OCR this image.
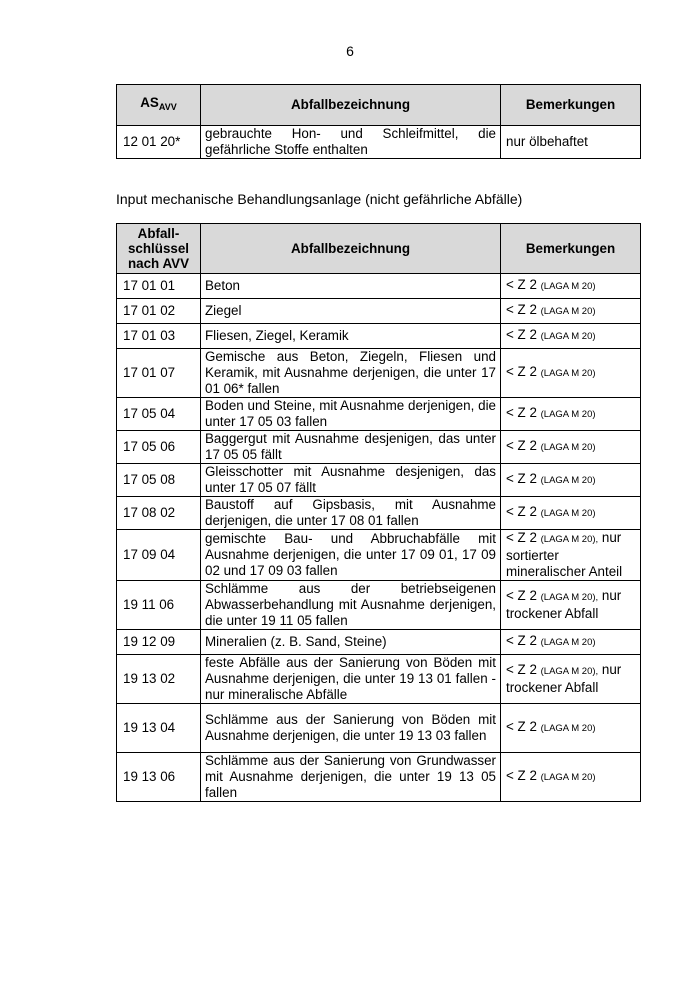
6
$AS_{AVV}$	Abfallbezeichnung	Bemerkungen
12 01 20*	gebrauchte Hon- und Schleifmittel, die gefährliche Stoffe enthalten	nur ölbehaftet
Input mechanische Behandlungsanlage (nicht gefährliche Abfälle)
Abfall-schlüssel nach AVV	Abfallbezeichnung	Bemerkungen
17 01 01	Beton	< Z 2 (LAGA M 20)
17 01 02	Ziegel	< Z 2 (LAGA M 20)
17 01 03	Fliesen, Ziegel, Keramik	< Z 2 (LAGA M 20)
17 01 07	Gemische aus Beton, Ziegeln, Fliesen und Keramik, mit Ausnahme derjenigen, die unter 17 01 06* fallen	< Z 2 (LAGA M 20)
17 05 04	Boden und Steine, mit Ausnahme derjenigen, die unter 17 05 03 fallen	< Z 2 (LAGA M 20)
17 05 06	Baggergut mit Ausnahme desjenigen, das unter 17 05 05 fällt	< Z 2 (LAGA M 20)
17 05 08	Gleisschotter mit Ausnahme desjenigen, das unter 17 05 07 fällt	< Z 2 (LAGA M 20)
17 08 02	Baustoff auf Gipsbasis, mit Ausnahme derjenigen, die unter 17 08 01 fallen	< Z 2 (LAGA M 20)
17 09 04	gemischte Bau- und Abbruchabfälle mit Ausnahme derjenigen, die unter 17 09 01, 17 09 02 und 17 09 03 fallen	< Z 2 (LAGA M 20), nur sortierter mineralischer Anteil
19 11 06	Schlämme aus der betriebseigenen Abwasserbehandlung mit Ausnahme derjenigen, die unter 19 11 05 fallen	< Z 2 (LAGA M 20), nur trockener Abfall
19 12 09	Mineralien (z. B. Sand, Steine)	< Z 2 (LAGA M 20)
19 13 02	feste Abfälle aus der Sanierung von Böden mit Ausnahme derjenigen, die unter 19 13 01 fallen - nur mineralische Abfälle	< Z 2 (LAGA M 20), nur trockener Abfall
19 13 04	Schlämme aus der Sanierung von Böden mit Ausnahme derjenigen, die unter 19 13 03 fallen	< Z 2 (LAGA M 20)
19 13 06	Schlämme aus der Sanierung von Grundwasser mit Ausnahme derjenigen, die unter 19 13 05 fallen	< Z 2 (LAGA M 20)
